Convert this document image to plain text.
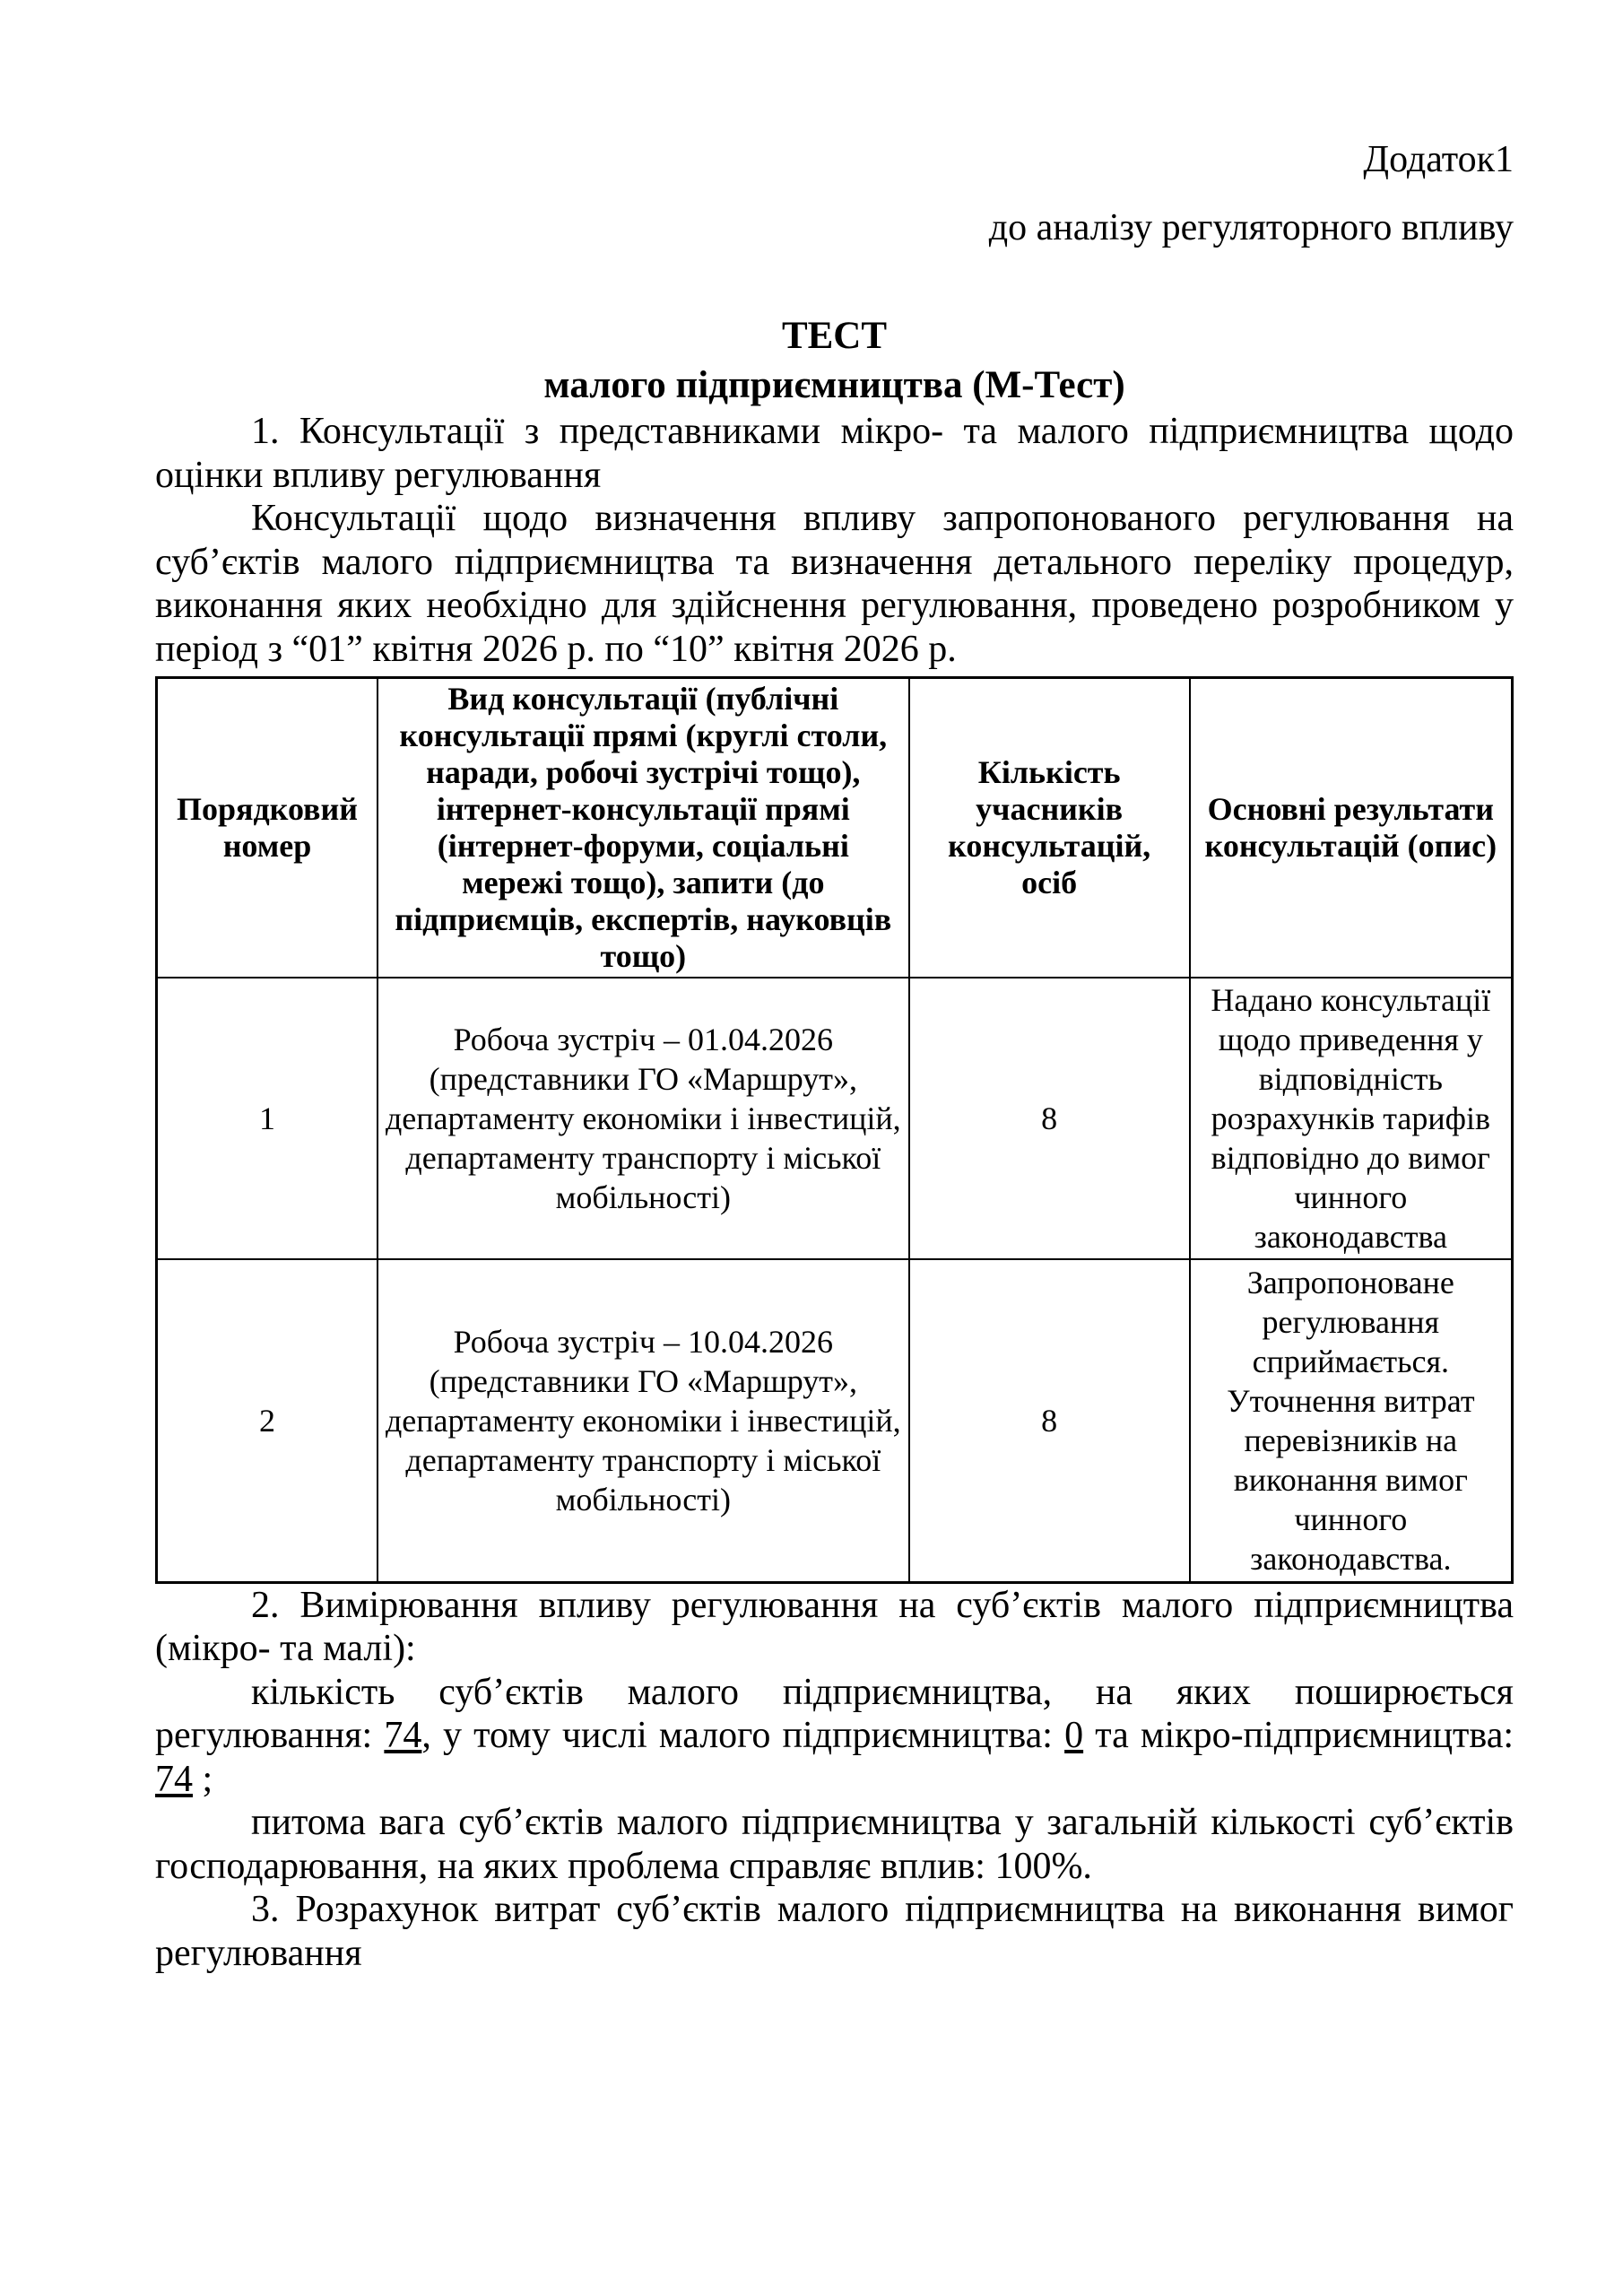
Додаток1
до аналізу регуляторного впливу
ТЕСТ
малого підприємництва (М-Тест)

1. Консультації з представниками мікро- та малого підприємництва щодо оцінки впливу регулювання

Консультації щодо визначення впливу запропонованого регулювання на суб’єктів малого підприємництва та визначення детального переліку процедур, виконання яких необхідно для здійснення регулювання, проведено розробником у період з “01” квітня 2026 р. по “10” квітня 2026 р.

Порядковий номер	Вид консультації (публічні консультації прямі (круглі столи, наради, робочі зустрічі тощо), інтернет-консультації прямі (інтернет-форуми, соціальні мережі тощо), запити (до підприємців, експертів, науковців тощо)	Кількість учасників консультацій, осіб	Основні результати консультацій (опис)
1	Робоча зустріч – 01.04.2026 (представники ГО «Маршрут», департаменту економіки і інвестицій, департаменту транспорту і міської мобільності)	8	Надано консультації щодо приведення у відповідність розрахунків тарифів відповідно до вимог чинного законодавства
2	Робоча зустріч – 10.04.2026 (представники ГО «Маршрут», департаменту економіки і інвестицій, департаменту транспорту і міської мобільності)	8	Запропоноване регулювання сприймається. Уточнення витрат перевізників на виконання вимог чинного законодавства.

2. Вимірювання впливу регулювання на суб’єктів малого підприємництва (мікро- та малі):

кількість суб’єктів малого підприємництва, на яких поширюється регулювання: 74, у тому числі малого підприємництва: 0 та мікро-підприємництва: 74 ;

питома вага суб’єктів малого підприємництва у загальній кількості суб’єктів господарювання, на яких проблема справляє вплив: 100%.

3. Розрахунок витрат суб’єктів малого підприємництва на виконання вимог регулювання
